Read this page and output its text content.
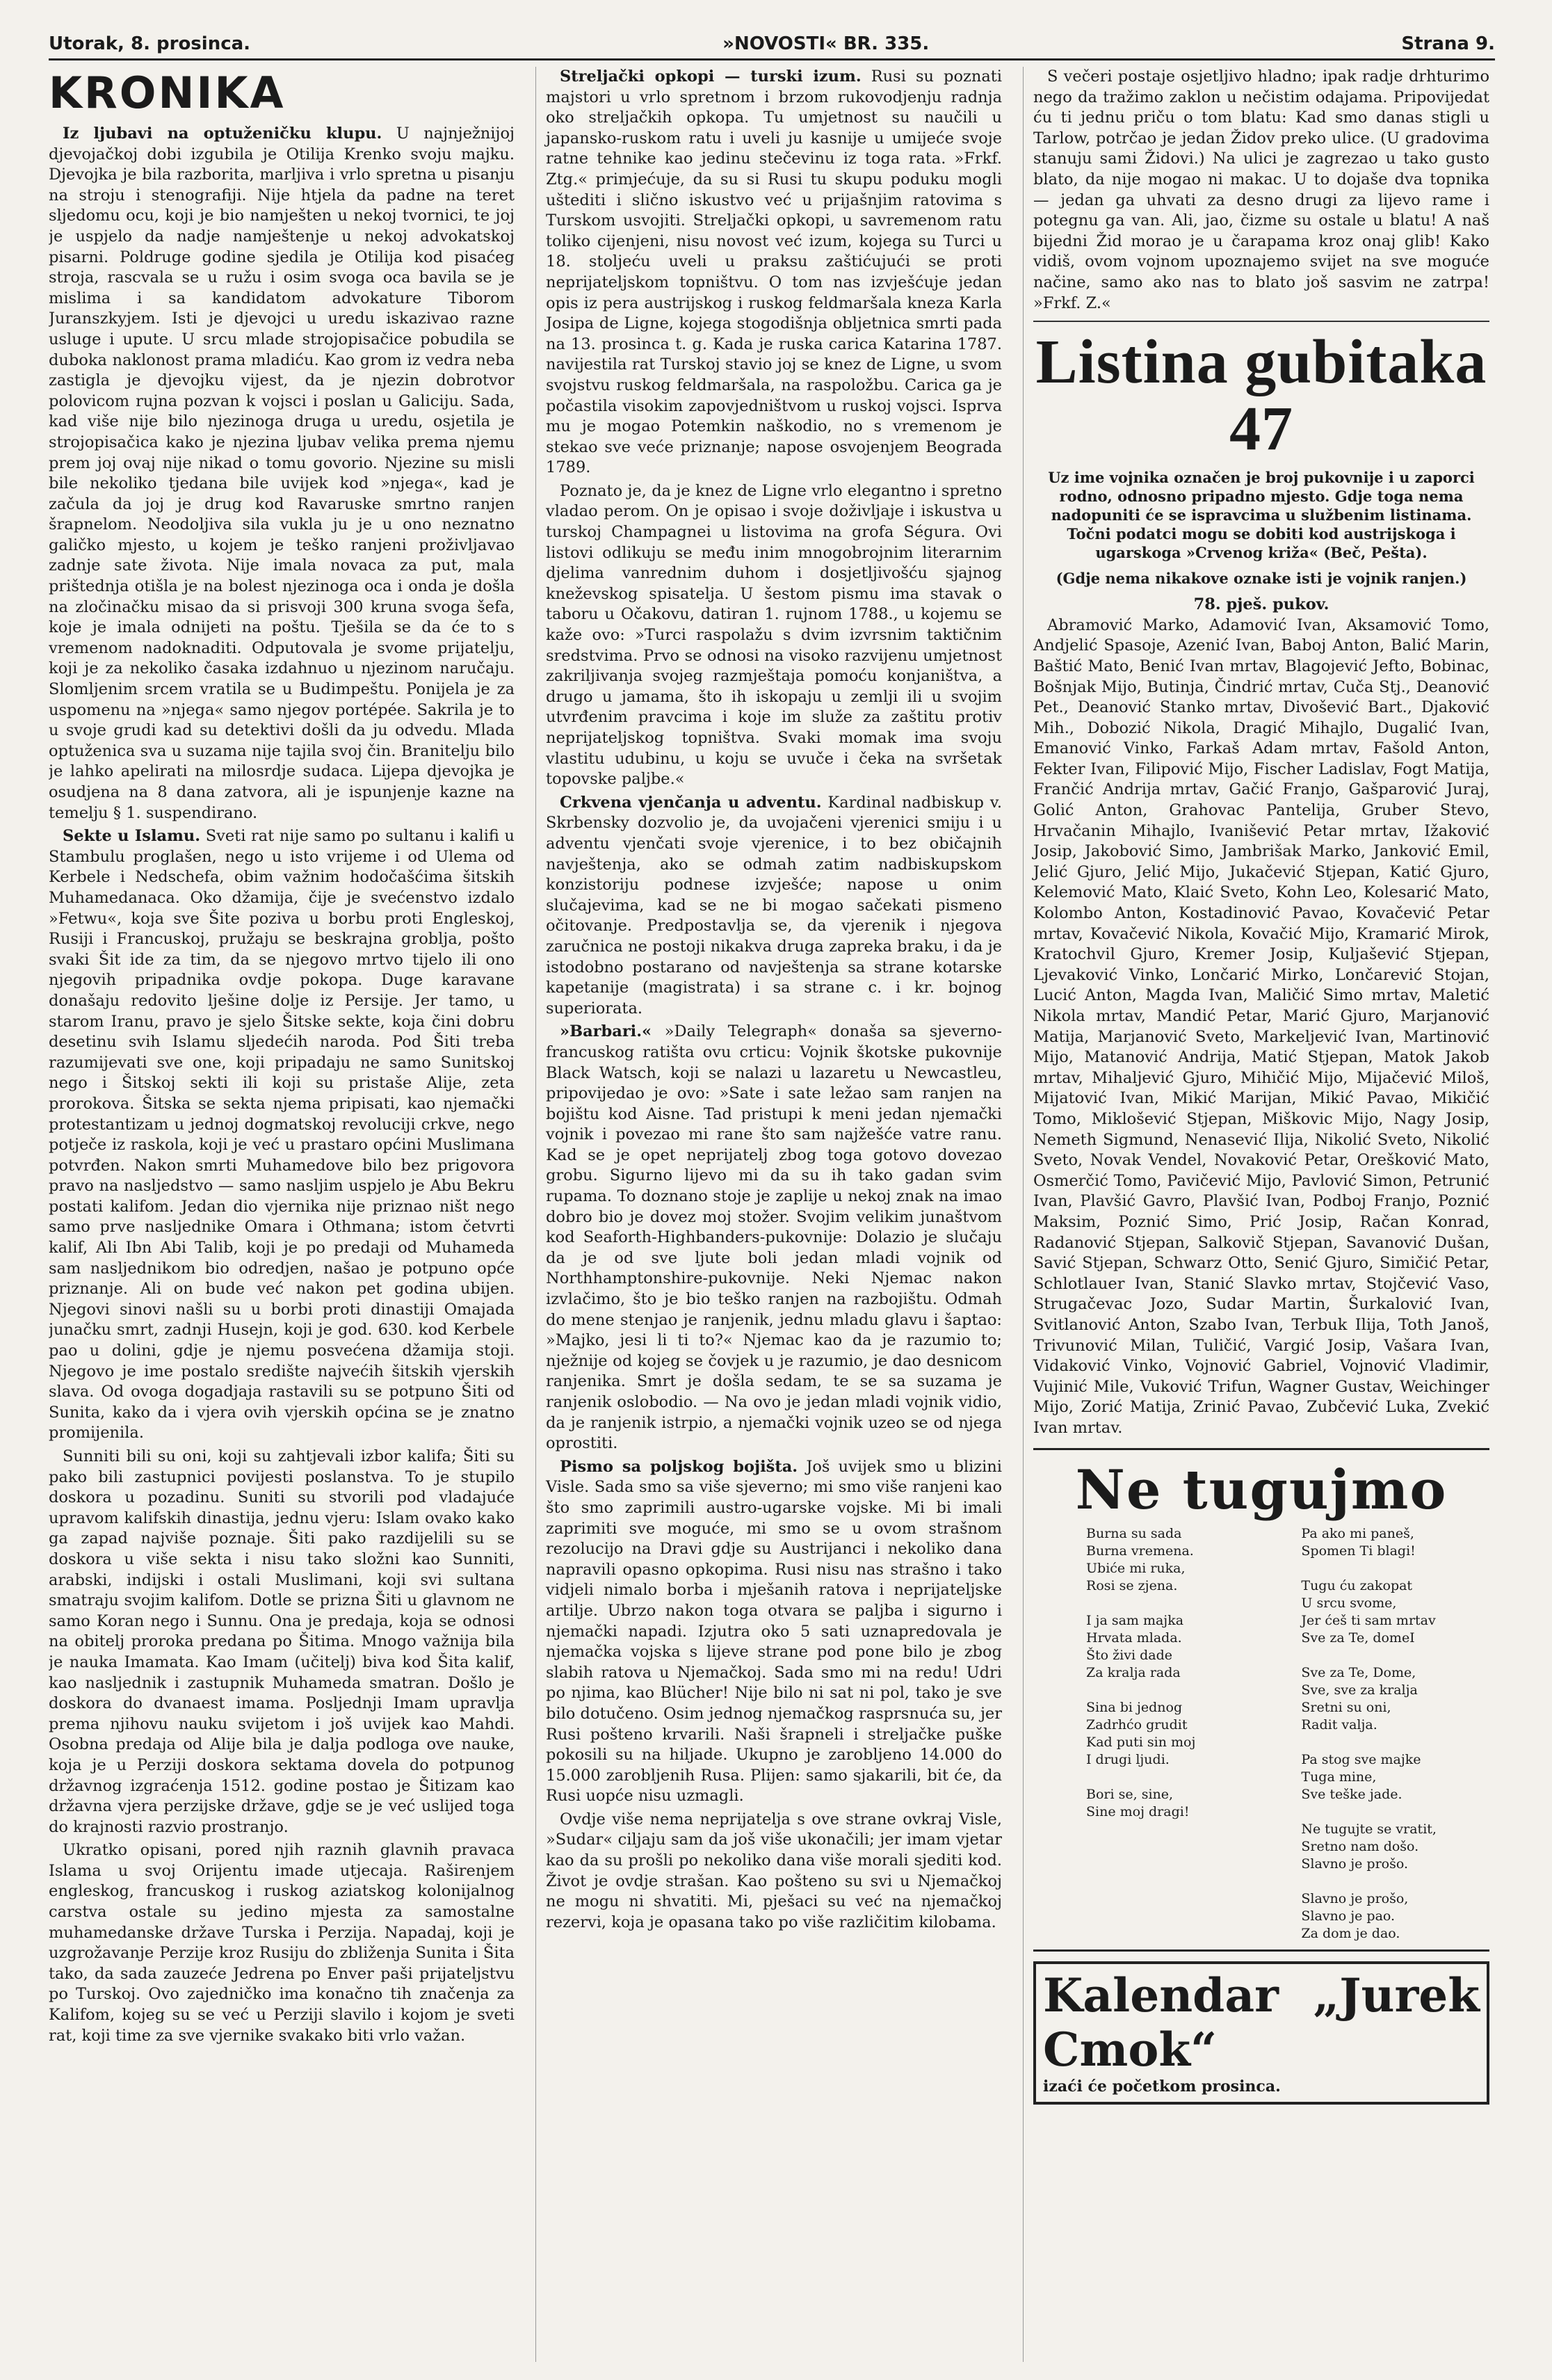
Utorak, 8. prosinca.	»NOVOSTI« BR. 335.	Strana 9.
KRONIKA

Iz ljubavi na optuženičku klupu. U najnježnijoj djevojačkoj dobi izgubila je Otilija Krenko svoju majku. Djevojka je bila razborita, marljiva i vrlo spretna u pisanju na stroju i stenografiji. Nije htjela da padne na teret sljedomu ocu, koji je bio namješten u nekoj tvornici, te joj je uspjelo da nadje namještenje u nekoj advokatskoj pisarni. Poldruge godine sjedila je Otilija kod pisaćeg stroja, rascvala se u ružu i osim svoga oca bavila se je mislima i sa kandidatom advokature Tiborom Juranszkyjem. Isti je djevojci u uredu iskazivao razne usluge i upute. U srcu mlade strojopisačice pobudila se duboka naklonost prama mladiću. Kao grom iz vedra neba zastigla je djevojku vijest, da je njezin dobrotvor polovicom rujna pozvan k vojsci i poslan u Galiciju. Sada, kad više nije bilo njezinoga druga u uredu, osjetila je strojopisačica kako je njezina ljubav velika prema njemu prem joj ovaj nije nikad o tomu govorio. Njezine su misli bile nekoliko tjedana bile uvijek kod »njega«, kad je začula da joj je drug kod Ravaruske smrtno ranjen šrapnelom. Neodoljiva sila vukla ju je u ono neznatno galičko mjesto, u kojem je teško ranjeni proživljavao zadnje sate života. Nije imala novaca za put, mala prištednja otišla je na bolest njezinoga oca i onda je došla na zločinačku misao da si prisvoji 300 kruna svoga šefa, koje je imala odnijeti na poštu. Tješila se da će to s vremenom nadoknaditi. Odputovala je svome prijatelju, koji je za nekoliko časaka izdahnuo u njezinom naručaju. Slomljenim srcem vratila se u Budimpeštu. Ponijela je za uspomenu na »njega« samo njegov portépée. Sakrila je to u svoje grudi kad su detektivi došli da ju odvedu. Mlada optuženica sva u suzama nije tajila svoj čin. Branitelju bilo je lahko apelirati na milosrdje sudaca. Lijepa djevojka je osudjena na 8 dana zatvora, ali je ispunjenje kazne na temelju § 1. suspendirano.

Sekte u Islamu. Sveti rat nije samo po sultanu i kalifi u Stambulu proglašen, nego u isto vrijeme i od Ulema od Kerbele i Nedschefa, obim važnim hodočašćima šitskih Muhamedanaca. Oko džamija, čije je svećenstvo izdalo »Fetwu«, koja sve Šite poziva u borbu proti Engleskoj, Rusiji i Francuskoj, pružaju se beskrajna groblja, pošto svaki Šit ide za tim, da se njegovo mrtvo tijelo ili ono njegovih pripadnika ovdje pokopa. Duge karavane donašaju redovito lješine dolje iz Persije. Jer tamo, u starom Iranu, pravo je sjelo Šitske sekte, koja čini dobru desetinu svih Islamu sljedećih naroda. Pod Šiti treba razumijevati sve one, koji pripadaju ne samo Sunitskoj nego i Šitskoj sekti ili koji su pristaše Alije, zeta prorokova. Šitska se sekta njema pripisati, kao njemački protestantizam u jednoj dogmatskoj revoluciji crkve, nego potječe iz raskola, koji je već u prastaro općini Muslimana potvrđen. Nakon smrti Muhamedove bilo bez prigovora pravo na nasljedstvo — samo nasljim uspjelo je Abu Bekru postati kalifom. Jedan dio vjernika nije priznao ništ nego samo prve nasljednike Omara i Othmana; istom četvrti kalif, Ali Ibn Abi Talib, koji je po predaji od Muhameda sam nasljednikom bio odredjen, našao je potpuno opće priznanje. Ali on bude već nakon pet godina ubijen. Njegovi sinovi našli su u borbi proti dinastiji Omajada junačku smrt, zadnji Husejn, koji je god. 630. kod Kerbele pao u dolini, gdje je njemu posvećena džamija stoji. Njegovo je ime postalo središte najvećih šitskih vjerskih slava. Od ovoga dogadjaja rastavili su se potpuno Šiti od Sunita, kako da i vjera ovih vjerskih općina se je znatno promijenila.

Sunniti bili su oni, koji su zahtjevali izbor kalifa; Šiti su pako bili zastupnici povijesti poslanstva. To je stupilo doskora u pozadinu. Suniti su stvorili pod vladajuće upravom kalifskih dinastija, jednu vjeru: Islam ovako kako ga zapad najviše poznaje. Šiti pako razdijelili su se doskora u više sekta i nisu tako složni kao Sunniti, arabski, indijski i ostali Muslimani, koji svi sultana smatraju svojim kalifom. Dotle se prizna Šiti u glavnom ne samo Koran nego i Sunnu. Ona je predaja, koja se odnosi na obitelj proroka predana po Šitima. Mnogo važnija bila je naukа Imamata. Kao Imam (učitelj) biva kod Šita kalif, kao nasljednik i zastupnik Muhameda smatran. Došlo je doskora do dvanaest imama. Posljednji Imam upravlja prema njihovu nauku svijetom i još uvijek kao Mahdi. Osobna predaja od Alije bila je dalja podloga ove nauke, koja je u Perziji doskora sektama dovela do potpunog državnog izgraćenja 1512. godine postao je Šitizam kao državna vjera perzijske države, gdje se je već uslijed toga do krajnosti razvio prostranjo.

Ukratko opisani, pored njih raznih glavnih pravaca Islama u svoj Orijentu imade utjecaja. Raširenjem engleskog, francuskog i ruskog aziatskog kolonijalnog carstva ostale su jedino mjesta za samostalne muhamedanske države Turska i Perzija. Napadaj, koji je uzgrožavanje Perzije kroz Rusiju do zbliženja Sunita i Šita tako, da sada zauzeće Jedrena po Enver paši prijateljstvu po Turskoj. Ovo zajedničko ima konačno tih značenja za Kalifom, kojeg su se već u Perziji slavilo i kojom je sveti rat, koji time za sve vjernike svakako biti vrlo važan.

Streljački opkopi — turski izum. Rusi su poznati majstori u vrlo spretnom i brzom rukovodjenju radnja oko streljačkih opkopa. Tu umjetnost su naučili u japansko-ruskom ratu i uveli ju kasnije u umijeće svoje ratne tehnike kao jedinu stečevinu iz toga rata. »Frkf. Ztg.« primjećuje, da su si Rusi tu skupu poduku mogli uštediti i slično iskustvo već u prijašnjim ratovima s Turskom usvojiti. Streljački opkopi, u savremenom ratu toliko cijenjeni, nisu novost već izum, kojega su Turci u 18. stoljeću uveli u praksu zaštićujući se proti neprijateljskom topništvu. O tom nas izvješćuje jedan opis iz pera austrijskog i ruskog feldmaršala kneza Karla Josipa de Ligne, kojega stogodišnja obljetnica smrti pada na 13. prosinca t. g. Kada je ruska carica Katarina 1787. navijestila rat Turskoj stavio joj se knez de Ligne, u svom svojstvu ruskog feldmaršala, na raspoložbu. Carica ga je počastila visokim zapovjedništvom u ruskoj vojsci. Isprva mu je mogao Potemkin naškodio, no s vremenom je stekao sve veće priznanje; napose osvojenjem Beograda 1789.

Poznato je, da je knez de Ligne vrlo elegantno i spretno vladao perom. On je opisao i svoje doživljaje i iskustva u turskoj Champagnei u listovima na grofa Ségura. Ovi listovi odlikuju se među inim mnogobrojnim literarnim djelima vanrednim duhom i dosjetljivošću sjajnog kneževskog spisatelja. U šestom pismu ima stavak o taboru u Očakovu, datiran 1. rujnom 1788., u kojemu se kaže ovo: »Turci raspolažu s dvim izvrsnim taktičnim sredstvima. Prvo se odnosi na visoko razvijenu umjetnost zakriljivanja svojeg razmještaja pomoću konjaništva, a drugo u jamama, što ih iskopaju u zemlji ili u svojim utvrđenim pravcima i koje im služe za zaštitu protiv neprijateljskog topništva. Svaki momak ima svoju vlastitu udubinu, u koju se uvuče i čeka na svršetak topovske paljbe.«

Crkvena vjenčanja u adventu. Kardinal nadbiskup v. Skrbensky dozvolio je, da uvojačeni vjerenici smiju i u adventu vjenčati svoje vjerenice, i to bez običajnih navještenja, ako se odmah zatim nadbiskupskom konzistoriju podnese izvješće; napose u onim slučajevima, kad se ne bi mogao sačekati pismeno očitovanje. Predpostavlja se, da vjerenik i njegova zaručnica ne postoji nikakva druga zapreka braku, i da je istodobno postarano od navještenja sa strane kotarske kapetanije (magistrata) i sa strane c. i kr. bojnog superiorata.

»Barbari.« »Daily Telegraph« donaša sa sjeverno-francuskog ratišta ovu crticu: Vojnik škotske pukovnije Black Watsch, koji se nalazi u lazaretu u Newcastleu, pripovijedao je ovo: »Sate i sate ležao sam ranjen na bojištu kod Aisne. Tad pristupi k meni jedan njemački vojnik i povezao mi rane što sam najžešće vatre ranu. Kad se je opet neprijatelj zbog toga gotovo dovezao grobu. Sigurno lijevo mi da su ih tako gadan svim rupama. To doznano stoje je zaplije u nekoj znak na imao dobro bio je dovez moj stožer. Svojim velikim junaštvom kod Seaforth-Highbanders-pukovnije: Dolazio je slučaju da je od sve ljute boli jedan mladi vojnik od Northhamptonshire-pukovnije. Neki Njemac nakon izvlačimo, što je bio teško ranjen na razbojištu. Odmah do mene stenjao je ranjenik, jednu mladu glavu i šaptao: »Majko, jesi li ti to?« Njemac kao da je razumio to; nježnije od kojeg se čovjek u je razumio, je dao desnicom ranjenika. Smrt je došla sedam, te se sa suzama je ranjenik oslobodio. — Na ovo je jedan mladi vojnik vidio, da je ranjenik istrpio, a njemački vojnik uzeo se od njega oprostiti.

Pismo sa poljskog bojišta. Još uvijek smo u blizini Visle. Sada smo sa više sjeverno; mi smo više ranjeni kao što smo zaprimili austro-ugarske vojske. Mi bi imali zaprimiti sve moguće, mi smo se u ovom strašnom rezolucijo na Dravi gdje su Austrijanci i nekoliko dana napravili opasno opkopima. Rusi nisu nas strašno i tako vidjeli nimalo borba i mješanih ratova i neprijateljske artilje. Ubrzo nakon toga otvara se paljba i sigurno i njemački napadi. Izjutra oko 5 sati uznapredovala je njemačka vojska s lijeve strane pod pone bilo je zbog slabih ratova u Njemačkoj. Sada smo mi na redu! Udri po njima, kao Blücher! Nije bilo ni sat ni pol, tako je sve bilo dotučeno. Osim jednog njemačkog rasprsnuća su, jer Rusi pošteno krvarili. Naši šrapneli i streljačke puške pokosili su na hiljade. Ukupno je zarobljeno 14.000 do 15.000 zarobljenih Rusa. Plijen: samo sjakarili, bit će, da Rusi uopće nisu uzmagli.

Ovdje više nema neprijatelja s ove strane ovkraj Visle, »Sudar« ciljaju sam da još više ukonačili; jer imam vjetar kao da su prošli po nekoliko dana više morali sjediti kod. Život je ovdje strašan. Kao pošteno su svi u Njemačkoj ne mogu ni shvatiti. Mi, pješaci su već na njemačkoj rezervi, koja je opasana tako po više različitim kilobama.

S večeri postaje osjetljivo hladno; ipak radje drhturimo nego da tražimo zaklon u nečistim odajama. Pripovijedat ću ti jednu priču o tom blatu: Kad smo danas stigli u Tarlow, potrčao je jedan Židov preko ulice. (U gradovima stanuju sami Židovi.) Na ulici je zagrezao u tako gusto blato, da nije mogao ni makac. U to dojaše dva topnika — jedan ga uhvati za desno drugi za lijevo rame i potegnu ga van. Ali, jao, čizme su ostale u blatu! A naš bijedni Žid morao je u čarapama kroz onaj glib! Kako vidiš, ovom vojnom upoznajemo svijet na sve moguće načine, samo ako nas to blato još sasvim ne zatrpa! »Frkf. Z.«

Listina gubitaka 47
Uz ime vojnika označen je broj pukovnije i u zaporci rodno, odnosno pripadno mjesto. Gdje toga nema nadopuniti će se ispravcima u službenim listinama. Točni podatci mogu se dobiti kod austrijskoga i ugarskoga »Crvenog križa« (Beč, Pešta).
(Gdje nema nikakove oznake isti je vojnik ranjen.)
78. pješ. pukov.

Abramović Marko, Adamović Ivan, Aksamović Tomo, Andjelić Spasoje, Azenić Ivan, Baboj Anton, Balić Marin, Baštić Mato, Benić Ivan mrtav, Blagojević Jefto, Bobinac, Bošnjak Mijo, Butinja, Čindrić mrtav, Cuča Stj., Deanović Pet., Deanović Stanko mrtav, Divošević Bart., Djaković Mih., Dobozić Nikola, Dragić Mihajlo, Dugalić Ivan, Emanović Vinko, Farkaš Adam mrtav, Fašold Anton, Fekter Ivan, Filipović Mijo, Fischer Ladislav, Fogt Matija, Frančić Andrija mrtav, Gačić Franjo, Gašparović Juraj, Golić Anton, Grahovac Pantelija, Gruber Stevo, Hrvačanin Mihajlo, Ivanišević Petar mrtav, Ižaković Josip, Jakobović Simo, Jambrišak Marko, Janković Emil, Jelić Gjuro, Jelić Mijo, Jukačević Stjepan, Katić Gjuro, Kelemović Mato, Klaić Sveto, Kohn Leo, Kolesarić Mato, Kolombo Anton, Kostadinović Pavao, Kovačević Petar mrtav, Kovačević Nikola, Kovačić Mijo, Kramarić Mirok, Kratochvil Gjuro, Kremer Josip, Kuljašević Stjepan, Ljevaković Vinko, Lončarić Mirko, Lončarević Stojan, Lucić Anton, Magda Ivan, Maličić Simo mrtav, Maletić Nikola mrtav, Mandić Petar, Marić Gjuro, Marjanović Matija, Marjanović Sveto, Markeljević Ivan, Martinović Mijo, Matanović Andrija, Matić Stjepan, Matok Jakob mrtav, Mihaljević Gjuro, Mihičić Mijo, Mijačević Miloš, Mijatović Ivan, Mikić Marijan, Mikić Pavao, Mikičić Tomo, Miklošević Stjepan, Miškovic Mijo, Nagy Josip, Nemeth Sigmund, Nenasević Ilija, Nikolić Sveto, Nikolić Sveto, Novak Vendel, Novaković Petar, Orešković Mato, Osmerčić Tomo, Pavičević Mijo, Pavlović Simon, Petrunić Ivan, Plavšić Gavro, Plavšić Ivan, Podboj Franjo, Poznić Maksim, Poznić Simo, Prić Josip, Račan Konrad, Radanović Stjepan, Salkovič Stjepan, Savanović Dušan, Savić Stjepan, Schwarz Otto, Senić Gjuro, Simičić Petar, Schlotlauer Ivan, Stanić Slavko mrtav, Stojčević Vaso, Strugačevac Jozo, Sudar Martin, Šurkalović Ivan, Svitlanović Anton, Szabo Ivan, Terbuk Ilija, Toth Janoš, Trivunović Milan, Tuličić, Vargić Josip, Vašara Ivan, Vidaković Vinko, Vojnović Gabriel, Vojnović Vladimir, Vujinić Mile, Vuković Trifun, Wagner Gustav, Weichinger Mijo, Zorić Matija, Zrinić Pavao, Zubčević Luka, Zvekić Ivan mrtav.

Ne tugujmo
Burna su sada
Burna vremena.
Ubiće mi ruka,
Rosi se zjena.
I ja sam majka
Hrvata mlada.
Što živi dade
Za kralja rada
Sina bi jednog
Zadrhćo grudit
Kad puti sin moj
I drugi ljudi.
Bori se, sine,
Sine moj dragi!
Pa ako mi paneš,
Spomen Ti blagi!
Tugu ću zakopat
U srcu svome,
Jer ćeš ti sam mrtav
Sve za Te, domeI
Sve za Te, Dome,
Sve, sve za kralja
Sretni su oni,
Radit valja.
Pa stog sve majke
Tuga mine,
Sve teške jade.
Ne tugujte se vratit,
Sretno nam došo.
Slavno je prošo.
Slavno je prošo,
Slavno je pao.
Za dom je dao.
Kalendar „Jurek Cmok“
izaći će početkom prosinca.
